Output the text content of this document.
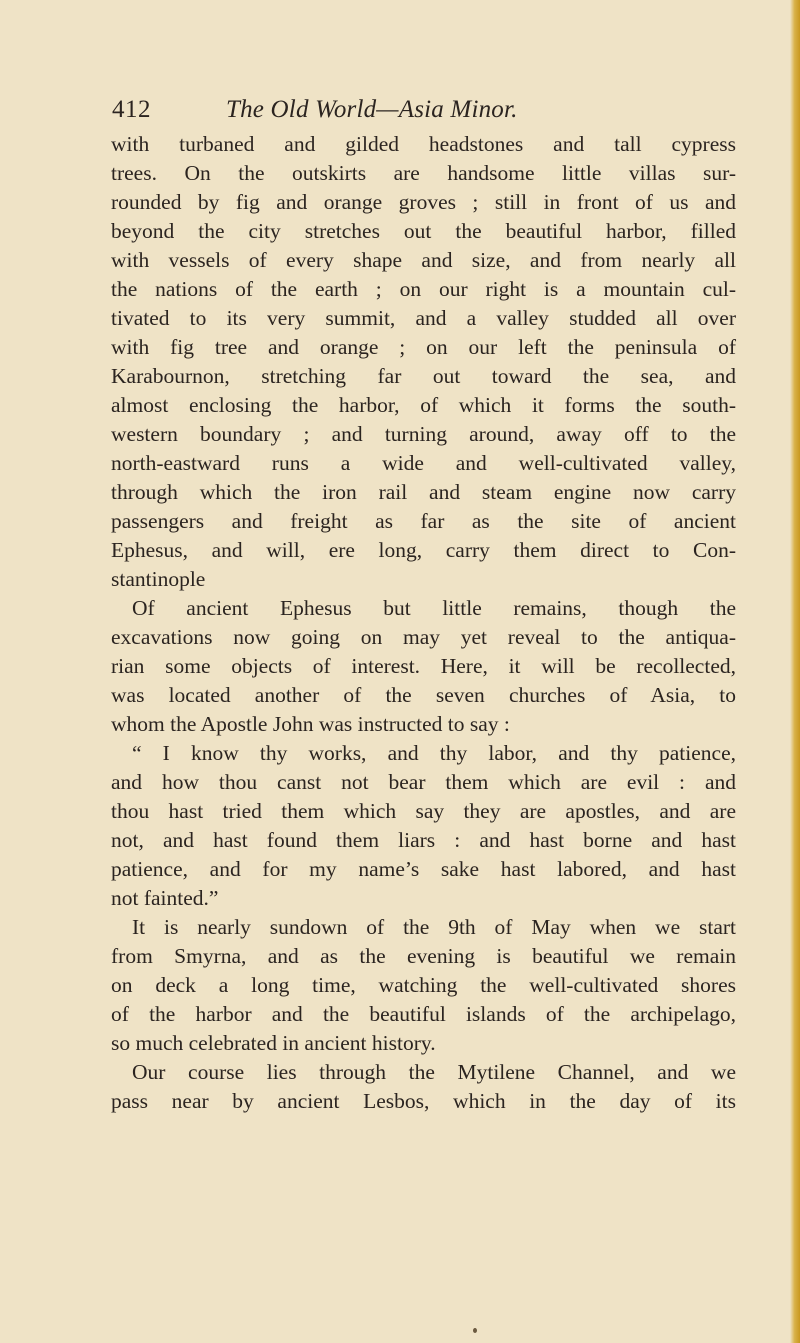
412	The Old World—Asia Minor.
with turbaned and gilded headstones and tall cypress
trees. On the outskirts are handsome little villas sur-
rounded by fig and orange groves ; still in front of us and
beyond the city stretches out the beautiful harbor, filled
with vessels of every shape and size, and from nearly all
the nations of the earth ; on our right is a mountain cul-
tivated to its very summit, and a valley studded all over
with fig tree and orange ; on our left the peninsula of
Karabournon, stretching far out toward the sea, and
almost enclosing the harbor, of which it forms the south-
western boundary ; and turning around, away off to the
north-eastward runs a wide and well-cultivated valley,
through which the iron rail and steam engine now carry
passengers and freight as far as the site of ancient
Ephesus, and will, ere long, carry them direct to Con-
stantinople
Of ancient Ephesus but little remains, though the
excavations now going on may yet reveal to the antiqua-
rian some objects of interest. Here, it will be recollected,
was located another of the seven churches of Asia, to
whom the Apostle John was instructed to say :
“ I know thy works, and thy labor, and thy patience,
and how thou canst not bear them which are evil : and
thou hast tried them which say they are apostles, and are
not, and hast found them liars : and hast borne and hast
patience, and for my name’s sake hast labored, and hast
not fainted.”
It is nearly sundown of the 9th of May when we start
from Smyrna, and as the evening is beautiful we remain
on deck a long time, watching the well-cultivated shores
of the harbor and the beautiful islands of the archipelago,
so much celebrated in ancient history.
Our course lies through the Mytilene Channel, and we
pass near by ancient Lesbos, which in the day of its
